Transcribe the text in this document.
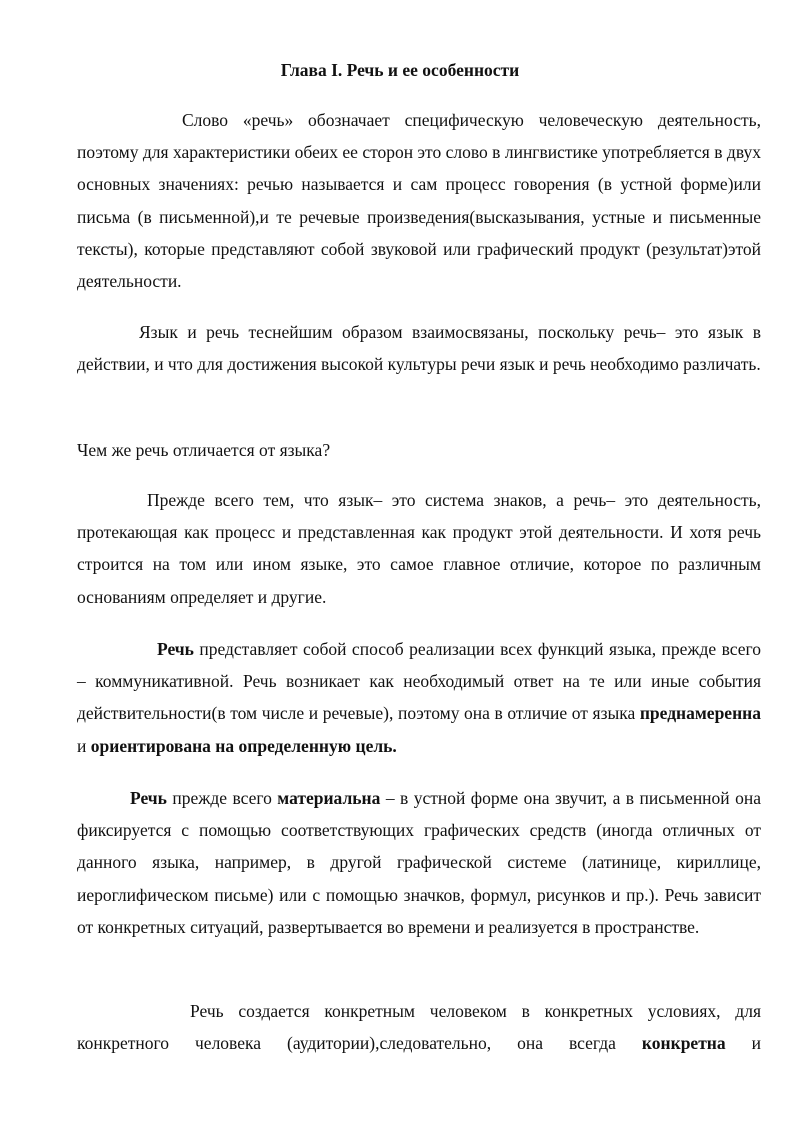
Глава I. Речь и ее особенности

Слово «речь» обозначает специфическую человеческую деятельность, поэтому для характеристики обеих ее сторон это слово в лингвистике употребляется в двух основных значениях: речью называется и сам процесс говорения (в устной форме)или письма (в письменной),и те речевые произведения(высказывания, устные и письменные тексты), которые представляют собой звуковой или графический продукт (результат)этой деятельности.

Язык и речь теснейшим образом взаимосвязаны, поскольку речь– это язык в действии, и что для достижения высокой культуры речи язык и речь необходимо различать.

Чем же речь отличается от языка?

Прежде всего тем, что язык– это система знаков, а речь– это деятельность, протекающая как процесс и представленная как продукт этой деятельности. И хотя речь строится на том или ином языке, это самое главное отличие, которое по различным основаниям определяет и другие.

Речь представляет собой способ реализации всех функций языка, прежде всего – коммуникативной. Речь возникает как необходимый ответ на те или иные события действительности(в том числе и речевые), поэтому она в отличие от языка преднамеренна и ориентирована на определенную цель.

Речь прежде всего материальна – в устной форме она звучит, а в письменной она фиксируется с помощью соответствующих графических средств (иногда отличных от данного языка, например, в другой графической системе (латинице, кириллице, иероглифическом письме) или с помощью значков, формул, рисунков и пр.). Речь зависит от конкретных ситуаций, развертывается во времени и реализуется в пространстве.

Речь создается конкретным человеком в конкретных условиях, для конкретного человека (аудитории),следовательно, она всегда конкретна и
